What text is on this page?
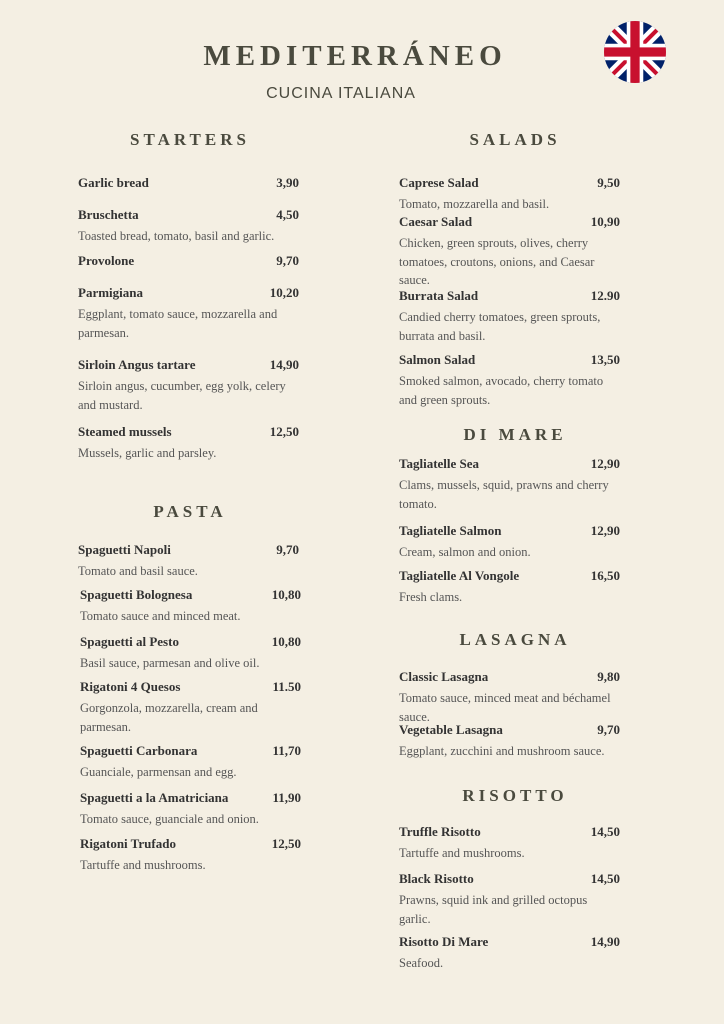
MEDITERRÁNEO
CUCINA ITALIANA
STARTERS
Garlic bread	3,90
Bruschetta	4,50
Toasted bread, tomato, basil and garlic.
Provolone	9,70
Parmigiana	10,20
Eggplant, tomato sauce, mozzarella and parmesan.
Sirloin Angus tartare	14,90
Sirloin angus, cucumber, egg yolk, celery and mustard.
Steamed mussels	12,50
Mussels, garlic and parsley.
PASTA
Spaguetti Napoli	9,70
Tomato and basil sauce.
Spaguetti Bolognesa	10,80
Tomato sauce and minced meat.
Spaguetti al Pesto	10,80
Basil sauce, parmesan and olive oil.
Rigatoni 4 Quesos	11.50
Gorgonzola, mozzarella, cream and parmesan.
Spaguetti Carbonara	11,70
Guanciale, parmensan and egg.
Spaguetti a la Amatriciana	11,90
Tomato sauce, guanciale and onion.
Rigatoni Trufado	12,50
Tartuffe and mushrooms.
SALADS
Caprese Salad	9,50
Tomato, mozzarella and basil.
Caesar Salad	10,90
Chicken, green sprouts, olives, cherry tomatoes, croutons, onions, and Caesar sauce.
Burrata Salad	12.90
Candied cherry tomatoes, green sprouts, burrata and basil.
Salmon Salad	13,50
Smoked salmon, avocado, cherry tomato and green sprouts.
DI MARE
Tagliatelle Sea	12,90
Clams, mussels, squid, prawns and cherry tomato.
Tagliatelle Salmon	12,90
Cream, salmon and onion.
Tagliatelle Al Vongole	16,50
Fresh clams.
LASAGNA
Classic Lasagna	9,80
Tomato sauce, minced meat and béchamel sauce.
Vegetable Lasagna	9,70
Eggplant, zucchini and mushroom sauce.
RISOTTO
Truffle Risotto	14,50
Tartuffe and mushrooms.
Black Risotto	14,50
Prawns, squid ink and grilled octopus garlic.
Risotto Di Mare	14,90
Seafood.
